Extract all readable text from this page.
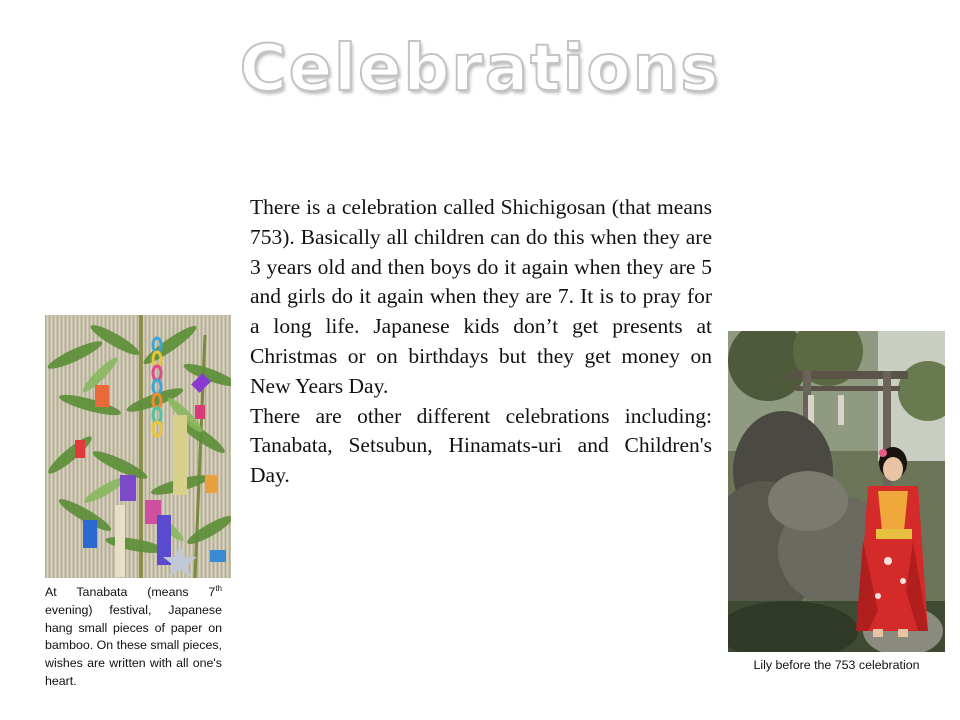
Celebrations

There is a celebration called Shichigosan (that means 753). Basically all children can do this when they are 3 years old and then boys do it again when they are 5 and girls do it again when they are 7. It is to pray for a long life. Japanese kids don’t get presents at Christmas or on birthdays but they get money on New Years Day.

There are other different celebrations including: Tanabata, Setsubun, Hinamats-uri and Children's Day.

At Tanabata (means 7th evening) festival, Japanese hang small pieces of paper on bamboo. On these small pieces, wishes are written with all one's heart.
Lily before the 753 celebration
